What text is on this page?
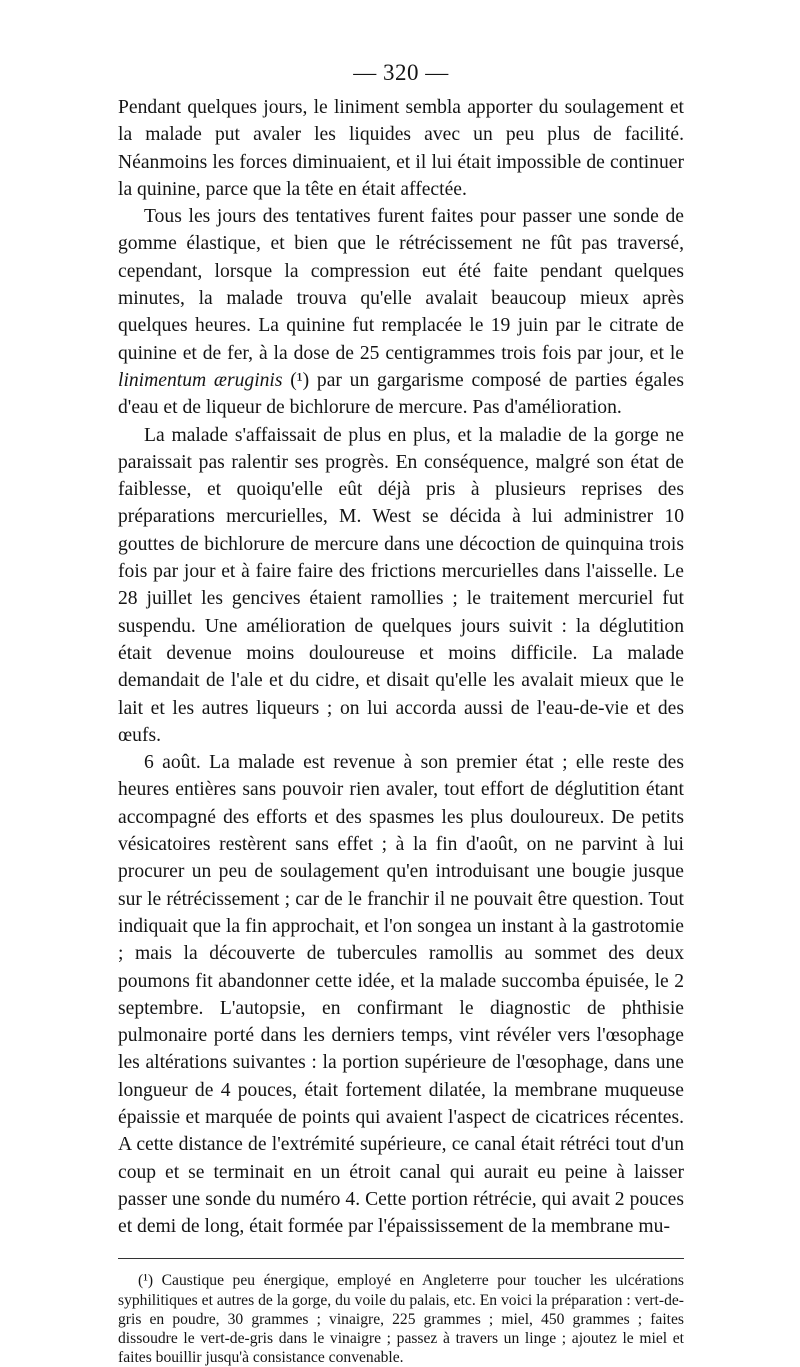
— 320 —

Pendant quelques jours, le liniment sembla apporter du soulagement et la malade put avaler les liquides avec un peu plus de facilité. Néanmoins les forces diminuaient, et il lui était impossible de continuer la quinine, parce que la tête en était affectée.

Tous les jours des tentatives furent faites pour passer une sonde de gomme élastique, et bien que le rétrécissement ne fût pas traversé, cependant, lorsque la compression eut été faite pendant quelques minutes, la malade trouva qu'elle avalait beaucoup mieux après quelques heures. La quinine fut remplacée le 19 juin par le citrate de quinine et de fer, à la dose de 25 centigrammes trois fois par jour, et le linimentum æruginis (¹) par un gargarisme composé de parties égales d'eau et de liqueur de bichlorure de mercure. Pas d'amélioration.

La malade s'affaissait de plus en plus, et la maladie de la gorge ne paraissait pas ralentir ses progrès. En conséquence, malgré son état de faiblesse, et quoiqu'elle eût déjà pris à plusieurs reprises des préparations mercurielles, M. West se décida à lui administrer 10 gouttes de bichlorure de mercure dans une décoction de quinquina trois fois par jour et à faire faire des frictions mercurielles dans l'aisselle. Le 28 juillet les gencives étaient ramollies ; le traitement mercuriel fut suspendu. Une amélioration de quelques jours suivit : la déglutition était devenue moins douloureuse et moins difficile. La malade demandait de l'ale et du cidre, et disait qu'elle les avalait mieux que le lait et les autres liqueurs ; on lui accorda aussi de l'eau-de-vie et des œufs.

6 août. La malade est revenue à son premier état ; elle reste des heures entières sans pouvoir rien avaler, tout effort de déglutition étant accompagné des efforts et des spasmes les plus douloureux. De petits vésicatoires restèrent sans effet ; à la fin d'août, on ne parvint à lui procurer un peu de soulagement qu'en introduisant une bougie jusque sur le rétrécissement ; car de le franchir il ne pouvait être question. Tout indiquait que la fin approchait, et l'on songea un instant à la gastrotomie ; mais la découverte de tubercules ramollis au sommet des deux poumons fit abandonner cette idée, et la malade succomba épuisée, le 2 septembre. L'autopsie, en confirmant le diagnostic de phthisie pulmonaire porté dans les derniers temps, vint révéler vers l'œsophage les altérations suivantes : la portion supérieure de l'œsophage, dans une longueur de 4 pouces, était fortement dilatée, la membrane muqueuse épaissie et marquée de points qui avaient l'aspect de cicatrices récentes. A cette distance de l'extrémité supérieure, ce canal était rétréci tout d'un coup et se terminait en un étroit canal qui aurait eu peine à laisser passer une sonde du numéro 4. Cette portion rétrécie, qui avait 2 pouces et demi de long, était formée par l'épaississement de la membrane mu-

(¹) Caustique peu énergique, employé en Angleterre pour toucher les ulcérations syphilitiques et autres de la gorge, du voile du palais, etc. En voici la préparation : vert-de-gris en poudre, 30 grammes ; vinaigre, 225 grammes ; miel, 450 grammes ; faites dissoudre le vert-de-gris dans le vinaigre ; passez à travers un linge ; ajoutez le miel et faites bouillir jusqu'à consistance convenable.
